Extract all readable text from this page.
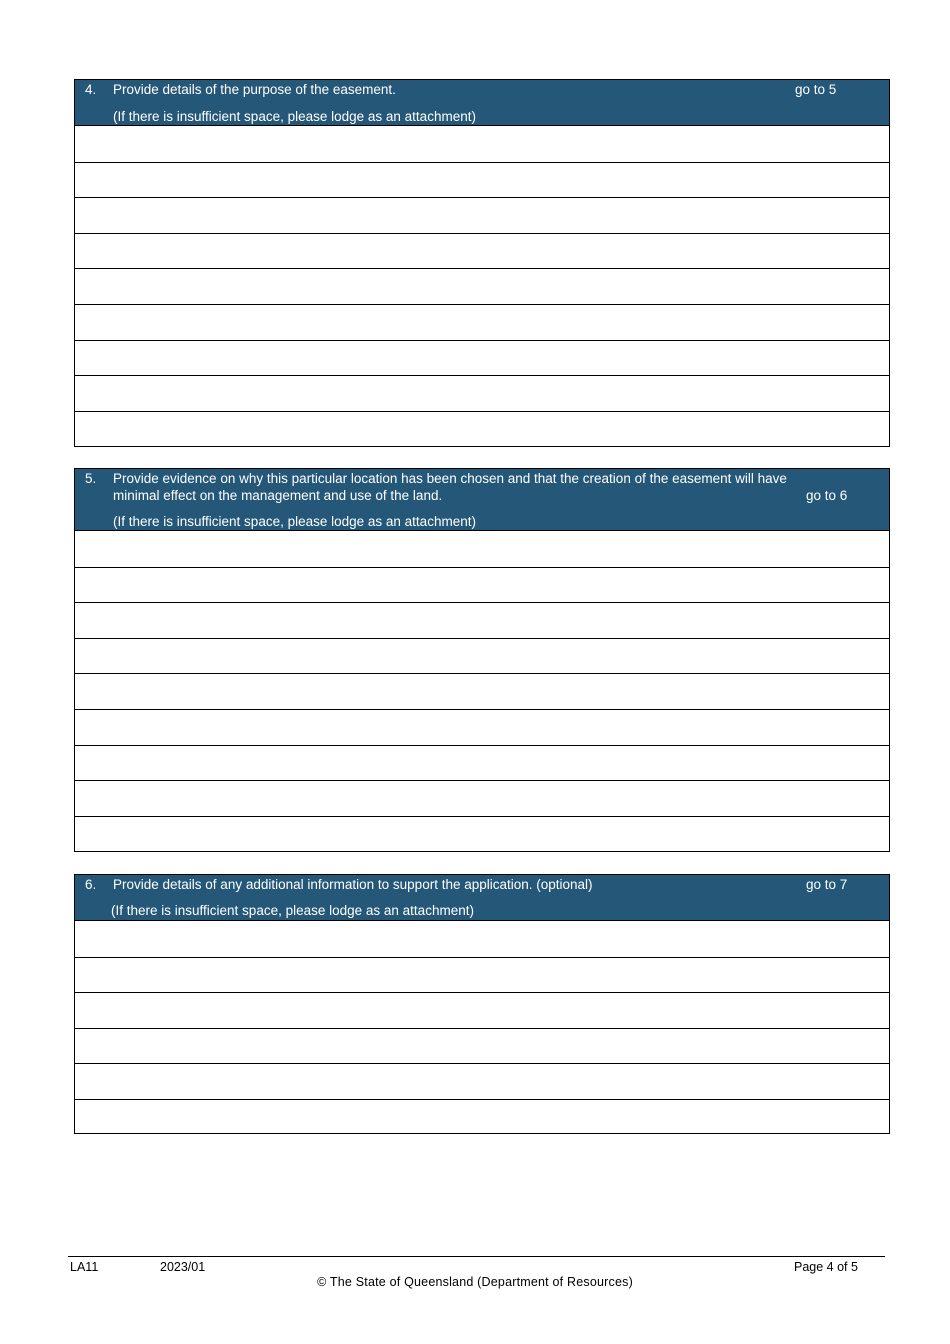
4. Provide details of the purpose of the easement.
(If there is insufficient space, please lodge as an attachment)
go to 5
5. Provide evidence on why this particular location has been chosen and that the creation of the easement will have minimal effect on the management and use of the land.
(If there is insufficient space, please lodge as an attachment)
go to 6
6. Provide details of any additional information to support the application. (optional)
(If there is insufficient space, please lodge as an attachment)
go to 7
LA11	2023/01	Page 4 of 5
© The State of Queensland (Department of Resources)
